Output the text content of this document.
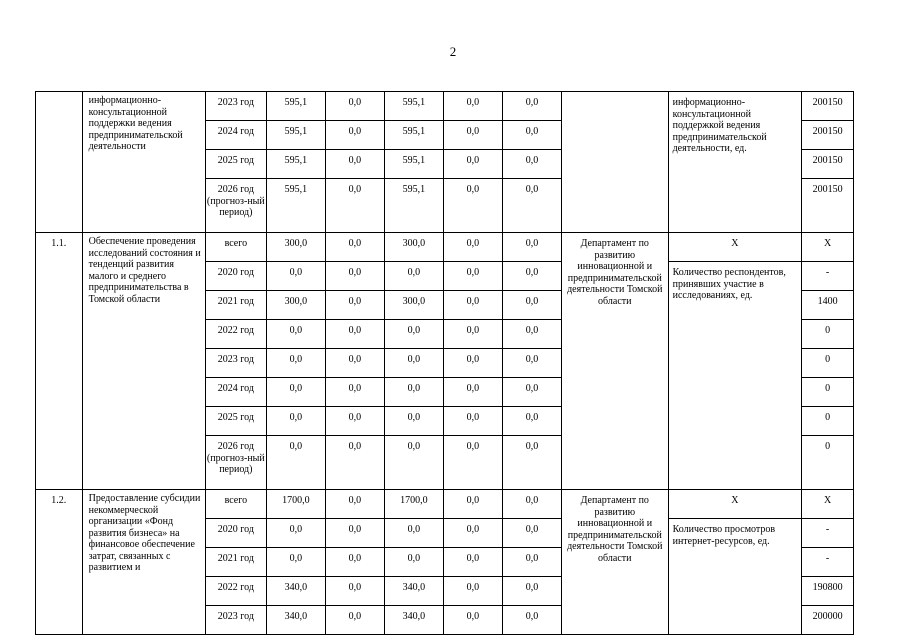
2
	информационно-консультационной поддержки ведения предпринимательской деятельности	2023 год	595,1	0,0	595,1	0,0	0,0		информационно-консультационной поддержкой ведения предпринимательской деятельности, ед.	200150
		2024 год	595,1	0,0	595,1	0,0	0,0			200150
		2025 год	595,1	0,0	595,1	0,0	0,0			200150
		2026 год (прогноз-ный период)	595,1	0,0	595,1	0,0	0,0			200150
1.1.	Обеспечение проведения исследований состояния и тенденций развития малого и среднего предпринимательства в Томской области	всего	300,0	0,0	300,0	0,0	0,0	Департамент по развитию инновационной и предпринимательской деятельности Томской области	X	X
		2020 год	0,0	0,0	0,0	0,0	0,0		Количество респондентов, принявших участие в исследованиях, ед.	-
		2021 год	300,0	0,0	300,0	0,0	0,0			1400
		2022 год	0,0	0,0	0,0	0,0	0,0			0
		2023 год	0,0	0,0	0,0	0,0	0,0			0
		2024 год	0,0	0,0	0,0	0,0	0,0			0
		2025 год	0,0	0,0	0,0	0,0	0,0			0
		2026 год (прогноз-ный период)	0,0	0,0	0,0	0,0	0,0			0
1.2.	Предоставление субсидии некоммерческой организации «Фонд развития бизнеса» на финансовое обеспечение затрат, связанных с развитием и	всего	1700,0	0,0	1700,0	0,0	0,0	Департамент по развитию инновационной и предпринимательской деятельности Томской области	X	X
		2020 год	0,0	0,0	0,0	0,0	0,0		Количество просмотров интернет-ресурсов, ед.	-
		2021 год	0,0	0,0	0,0	0,0	0,0			-
		2022 год	340,0	0,0	340,0	0,0	0,0			190800
		2023 год	340,0	0,0	340,0	0,0	0,0			200000
